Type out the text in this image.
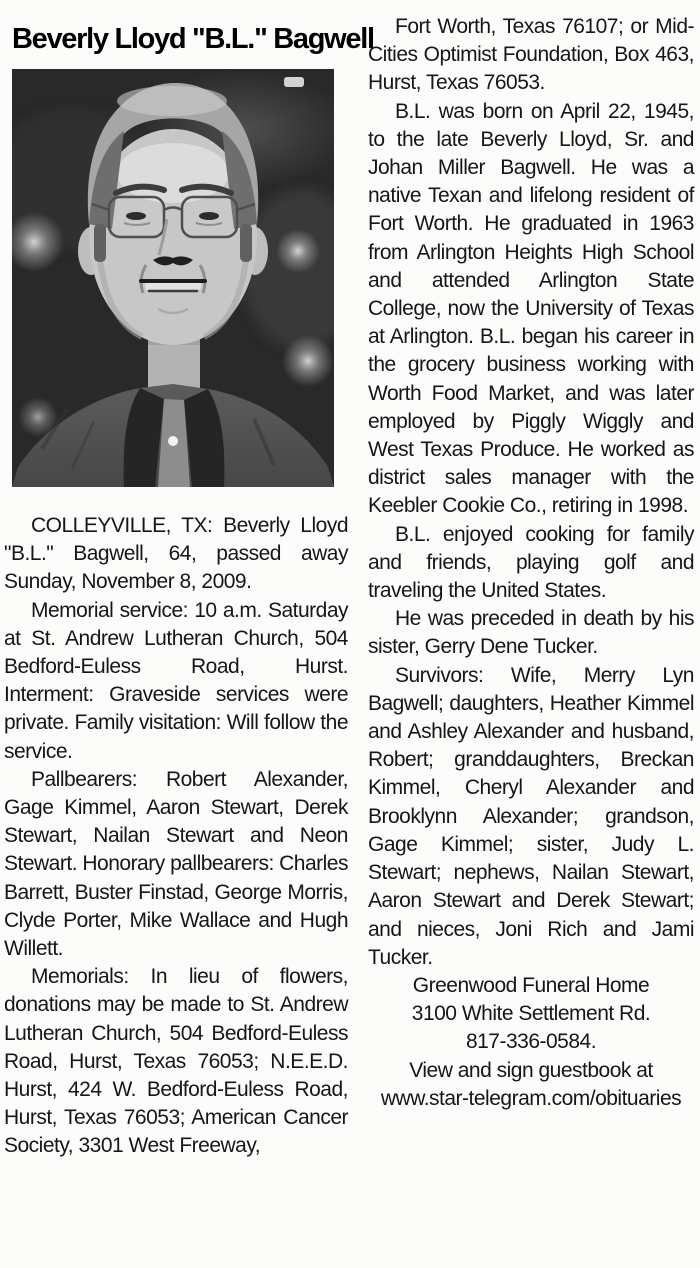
Beverly Lloyd "B.L." Bagwell

COLLEYVILLE, TX: Beverly Lloyd "B.L." Bagwell, 64, passed away Sunday, November 8, 2009.

Memorial service: 10 a.m. Saturday at St. Andrew Lutheran Church, 504 Bedford-Euless Road, Hurst. Interment: Graveside services were private. Family visitation: Will follow the service.

Pallbearers: Robert Alexander, Gage Kimmel, Aaron Stewart, Derek Stewart, Nailan Stewart and Neon Stewart. Honorary pallbearers: Charles Barrett, Buster Finstad, George Morris, Clyde Porter, Mike Wallace and Hugh Willett.

Memorials: In lieu of flowers, donations may be made to St. Andrew Lutheran Church, 504 Bedford-Euless Road, Hurst, Texas 76053; N.E.E.D. Hurst, 424 W. Bedford-Euless Road, Hurst, Texas 76053; American Cancer Society, 3301 West Freeway,

Fort Worth, Texas 76107; or Mid-Cities Optimist Foundation, Box 463, Hurst, Texas 76053.

B.L. was born on April 22, 1945, to the late Beverly Lloyd, Sr. and Johan Miller Bagwell. He was a native Texan and lifelong resident of Fort Worth. He graduated in 1963 from Arlington Heights High School and attended Arlington State College, now the University of Texas at Arlington. B.L. began his career in the grocery business working with Worth Food Market, and was later employed by Piggly Wiggly and West Texas Produce. He worked as district sales manager with the Keebler Cookie Co., retiring in 1998.

B.L. enjoyed cooking for family and friends, playing golf and traveling the United States.

He was preceded in death by his sister, Gerry Dene Tucker.

Survivors: Wife, Merry Lyn Bagwell; daughters, Heather Kimmel and Ashley Alexander and husband, Robert; granddaughters, Breckan Kimmel, Cheryl Alexander and Brooklynn Alexander; grandson, Gage Kimmel; sister, Judy L. Stewart; nephews, Nailan Stewart, Aaron Stewart and Derek Stewart; and nieces, Joni Rich and Jami Tucker.

Greenwood Funeral Home
3100 White Settlement Rd.
817-336-0584.
View and sign guestbook at
www.star-telegram.com/obituaries
